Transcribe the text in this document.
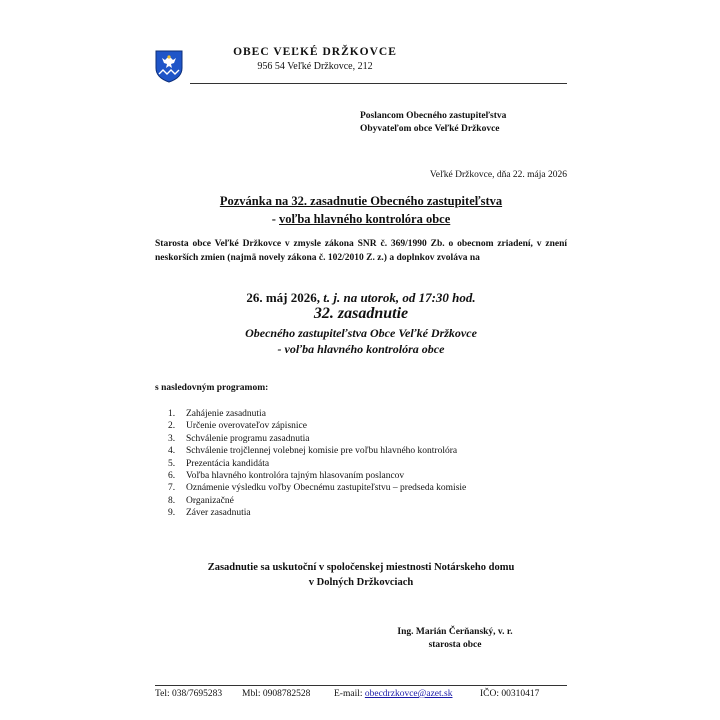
OBEC VEĽKÉ DRŽKOVCE
956 54 Veľké Držkovce, 212
Poslancom Obecného zastupiteľstva
Obyvateľom obce Veľké Držkovce
Veľké Držkovce, dňa 22. mája 2026
Pozvánka na 32. zasadnutie Obecného zastupiteľstva
- voľba hlavného kontrolóra obce
Starosta obce Veľké Držkovce v zmysle zákona SNR č. 369/1990 Zb. o obecnom zriadení, v znení neskorších zmien (najmä novely zákona č. 102/2010 Z. z.) a doplnkov zvoláva na
26. máj 2026, t. j. na utorok, od 17:30 hod.
32. zasadnutie
Obecného zastupiteľstva Obce Veľké Držkovce
- voľba hlavného kontrolóra obce
s nasledovným programom:
1. Zahájenie zasadnutia
2. Určenie overovateľov zápisnice
3. Schválenie programu zasadnutia
4. Schválenie trojčlennej volebnej komisie pre voľbu hlavného kontrolóra
5. Prezentácia kandidáta
6. Voľba hlavného kontrolóra tajným hlasovaním poslancov
7. Oznámenie výsledku voľby Obecnému zastupiteľstvu – predseda komisie
8. Organizačné
9. Záver zasadnutia
Zasadnutie sa uskutoční v spoločenskej miestnosti Notárskeho domu
v Dolných Držkovciach
Ing. Marián Čerňanský, v. r.
starosta obce
Tel: 038/7695283 Mbl: 0908782528 E-mail: obecdrzkovce@azet.sk	IČO: 00310417
